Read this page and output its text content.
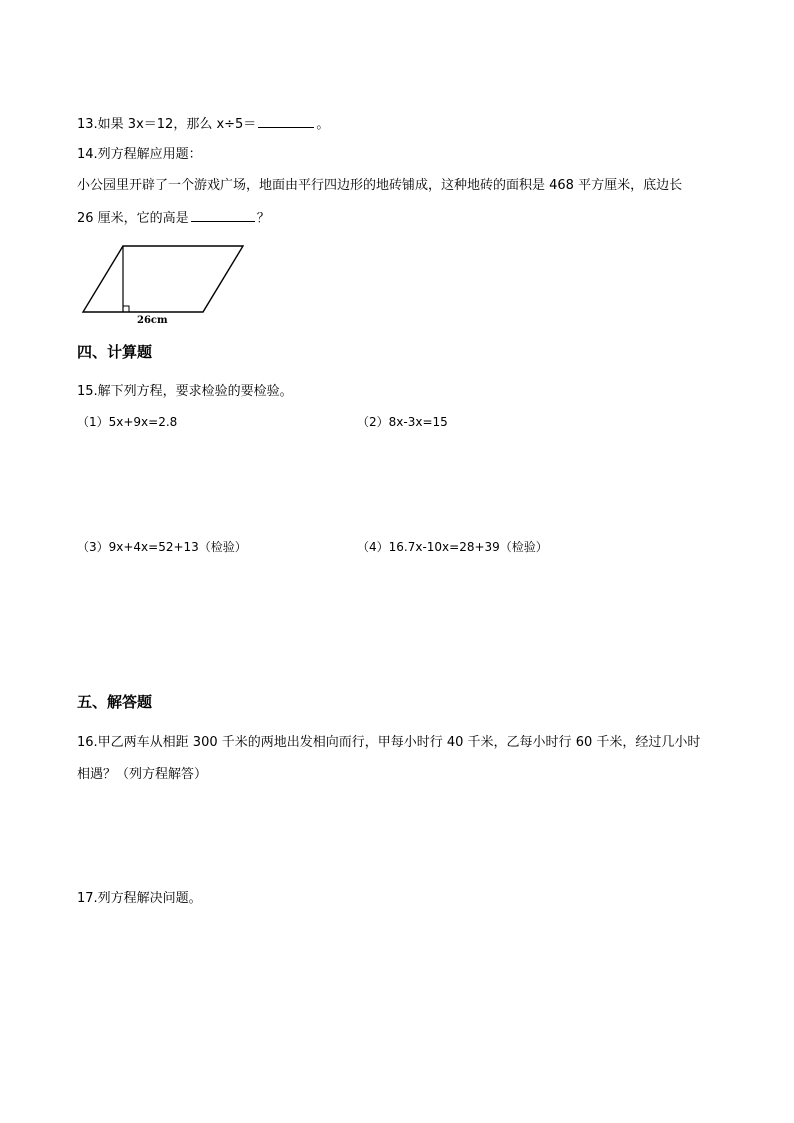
13.如果 3x＝12，那么 x÷5＝	。
14.列方程解应用题：
小公园里开辟了一个游戏广场，地面由平行四边形的地砖铺成，这种地砖的面积是 468 平方厘米，底边长
26 厘米，它的高是	？
26cm
四、计算题
15.解下列方程，要求检验的要检验。
（1）5x+9x=2.8	（2）8x-3x=15
（3）9x+4x=52+13（检验）	（4）16.7x-10x=28+39（检验）
五、解答题
16.甲乙两车从相距 300 千米的两地出发相向而行，甲每小时行 40 千米，乙每小时行 60 千米，经过几小时
相遇？（列方程解答）
17.列方程解决问题。
